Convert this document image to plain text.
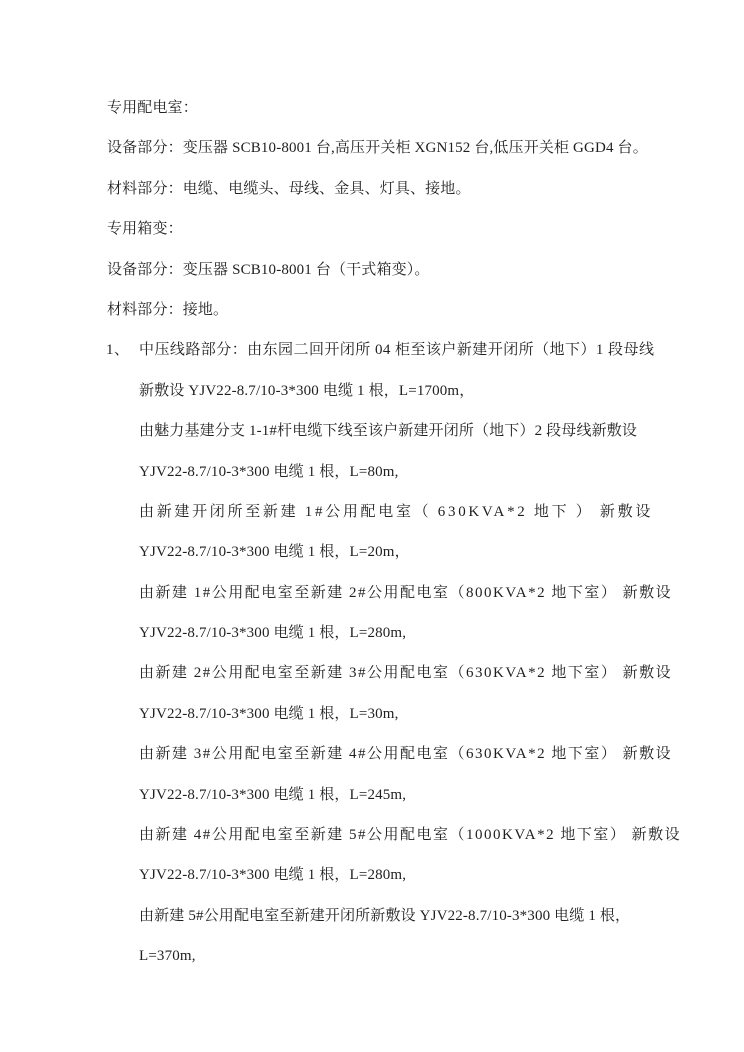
专用配电室：
设备部分：变压器 SCB10-8001 台,高压开关柜 XGN152 台,低压开关柜 GGD4 台。
材料部分：电缆、电缆头、母线、金具、灯具、接地。
专用箱变：
设备部分：变压器 SCB10-8001 台（干式箱变）。
材料部分：接地。
1、 中压线路部分：由东园二回开闭所 04 柜至该户新建开闭所（地下）1 段母线
新敷设 YJV22-8.7/10-3*300 电缆 1 根，L=1700m，
由魅力基建分支 1-1#杆电缆下线至该户新建开闭所（地下）2 段母线新敷设
YJV22-8.7/10-3*300 电缆 1 根，L=80m,
由新建开闭所至新建 1#公用配电室（ 630KVA*2 地下 ） 新敷设
YJV22-8.7/10-3*300 电缆 1 根，L=20m，
由新建 1#公用配电室至新建 2#公用配电室（800KVA*2 地下室） 新敷设
YJV22-8.7/10-3*300 电缆 1 根，L=280m,
由新建 2#公用配电室至新建 3#公用配电室（630KVA*2 地下室） 新敷设
YJV22-8.7/10-3*300 电缆 1 根，L=30m,
由新建 3#公用配电室至新建 4#公用配电室（630KVA*2 地下室） 新敷设
YJV22-8.7/10-3*300 电缆 1 根，L=245m,
由新建 4#公用配电室至新建 5#公用配电室（1000KVA*2 地下室） 新敷设
YJV22-8.7/10-3*300 电缆 1 根，L=280m,
由新建 5#公用配电室至新建开闭所新敷设 YJV22-8.7/10-3*300 电缆 1 根，
L=370m,
